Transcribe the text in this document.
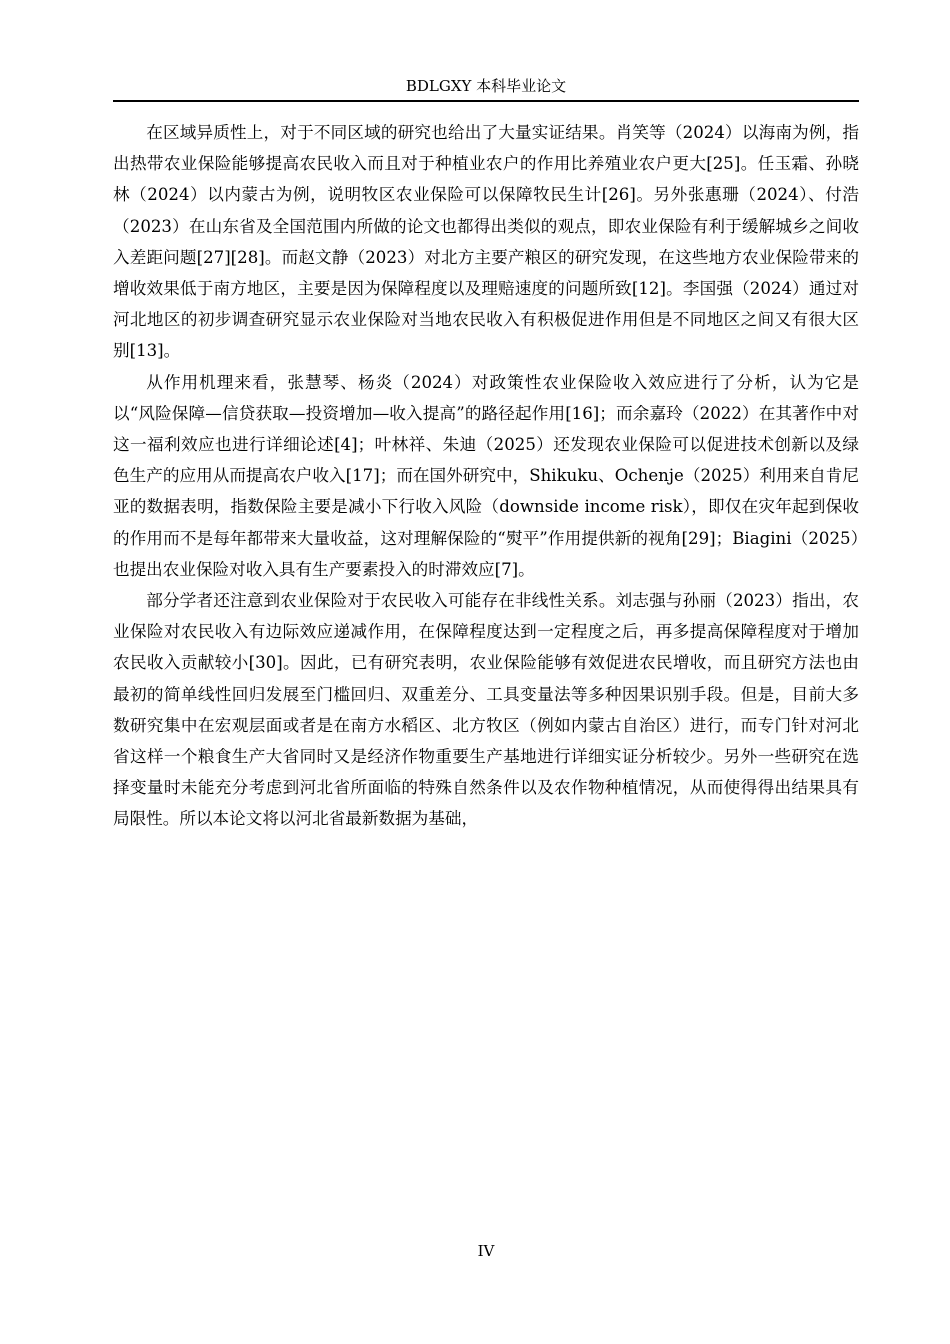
BDLGXY 本科毕业论文

在区域异质性上，对于不同区域的研究也给出了大量实证结果。肖笑等（2024）以海南为例，指出热带农业保险能够提高农民收入而且对于种植业农户的作用比养殖业农户更大[25]。任玉霜、孙晓林（2024）以内蒙古为例，说明牧区农业保险可以保障牧民生计[26]。另外张惠珊（2024）、付浩（2023）在山东省及全国范围内所做的论文也都得出类似的观点，即农业保险有利于缓解城乡之间收入差距问题[27][28]。而赵文静（2023）对北方主要产粮区的研究发现，在这些地方农业保险带来的增收效果低于南方地区，主要是因为保障程度以及理赔速度的问题所致[12]。李国强（2024）通过对河北地区的初步调查研究显示农业保险对当地农民收入有积极促进作用但是不同地区之间又有很大区别[13]。

从作用机理来看，张慧琴、杨炎（2024）对政策性农业保险收入效应进行了分析，认为它是以“风险保障—信贷获取—投资增加—收入提高”的路径起作用[16]；而余嘉玲（2022）在其著作中对这一福利效应也进行详细论述[4]；叶林祥、朱迪（2025）还发现农业保险可以促进技术创新以及绿色生产的应用从而提高农户收入[17]；而在国外研究中，Shikuku、Ochenje（2025）利用来自肯尼亚的数据表明，指数保险主要是减小下行收入风险（downside income risk），即仅在灾年起到保收的作用而不是每年都带来大量收益，这对理解保险的“熨平”作用提供新的视角[29]；Biagini（2025）也提出农业保险对收入具有生产要素投入的时滞效应[7]。

部分学者还注意到农业保险对于农民收入可能存在非线性关系。刘志强与孙丽（2023）指出，农业保险对农民收入有边际效应递减作用，在保障程度达到一定程度之后，再多提高保障程度对于增加农民收入贡献较小[30]。因此，已有研究表明，农业保险能够有效促进农民增收，而且研究方法也由最初的简单线性回归发展至门槛回归、双重差分、工具变量法等多种因果识别手段。但是，目前大多数研究集中在宏观层面或者是在南方水稻区、北方牧区（例如内蒙古自治区）进行，而专门针对河北省这样一个粮食生产大省同时又是经济作物重要生产基地进行详细实证分析较少。另外一些研究在选择变量时未能充分考虑到河北省所面临的特殊自然条件以及农作物种植情况，从而使得得出结果具有局限性。所以本论文将以河北省最新数据为基础，

IV
